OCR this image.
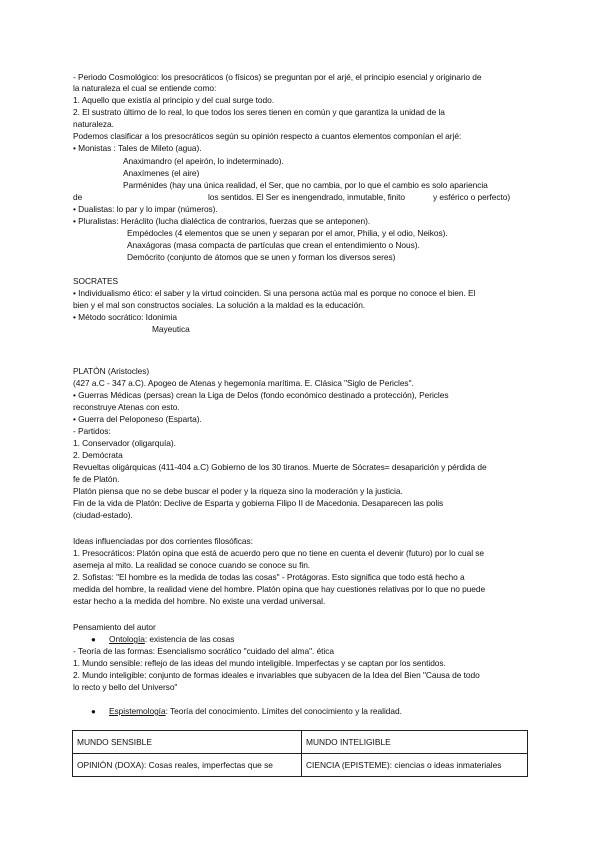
- Periodo Cosmológico: los presocráticos (o físicos) se preguntan por el arjé, el principio esencial y originario de
la naturaleza el cual se entiende como:
1. Aquello que existía al principio y del cual surge todo.
2. El sustrato último de lo real, lo que todos los seres tienen en común y que garantiza la unidad de la
naturaleza.
Podemos clasificar a los presocráticos según su opinión respecto a cuantos elementos componían el arjé:
• Monistas : Tales de Mileto (agua).
Anaximandro (el apeirón, lo indeterminado).
Anaxímenes (el aire)
Parménides (hay una única realidad, el Ser, que no cambia, por lo que el cambio es solo apariencia
de	los sentidos. El Ser es inengendrado, inmutable, finito	y esférico o perfecto)
• Dualistas: lo par y lo impar (números).
• Pluralistas: Heráclito (lucha dialéctica de contrarios, fuerzas que se anteponen).
Empédocles (4 elementos que se unen y separan por el amor, Philia, y el odio, Neikos).
Anaxágoras (masa compacta de partículas que crean el entendimiento o Nous).
Demócrito (conjunto de átomos que se unen y forman los diversos seres)
SOCRATES
• Individualismo ético: el saber y la virtud coinciden. Si una persona actúa mal es porque no conoce el bien. El
bien y el mal son constructos sociales. La solución a la maldad es la educación.
• Método socrático: Idonimia
Mayeutica
PLATÓN (Aristocles)
(427 a.C - 347 a.C). Apogeo de Atenas y hegemonía marítima. E. Clásica "Siglo de Pericles".
• Guerras Médicas (persas) crean la Liga de Delos (fondo económico destinado a protección), Pericles
reconstruye Atenas con esto.
• Guerra del Peloponeso (Esparta).
- Partidos:
1. Conservador (oligarquía).
2. Demócrata
Revueltas oligárquicas (411-404 a.C) Gobierno de los 30 tiranos. Muerte de Sócrates= desaparición y pérdida de
fe de Platón.
Platón piensa que no se debe buscar el poder y la riqueza sino la moderación y la justicia.
Fin de la vida de Platón: Declive de Esparta y gobierna Filipo II de Macedonia. Desaparecen las polis
(ciudad-estado).
Ideas influenciadas por dos corrientes filosóficas:
1. Presocráticos: Platón opina que está de acuerdo pero que no tiene en cuenta el devenir (futuro) por lo cual se
asemeja al mito. La realidad se conoce cuando se conoce su fin.
2. Sofistas: "El hombre es la medida de todas las cosas" - Protágoras. Esto significa que todo está hecho a
medida del hombre, la realidad viene del hombre. Platón opina que hay cuestiones relativas por lo que no puede
estar hecho a la medida del hombre. No existe una verdad universal.
Pensamiento del autor
● Ontología: existencia de las cosas
- Teoría de las formas: Esencialismo socrático "cuidado del alma". ética
1. Mundo sensible: reflejo de las ideas del mundo inteligible. Imperfectas y se captan por los sentidos.
2. Mundo inteligible: conjunto de formas ideales e invariables que subyacen de la Idea del Bien "Causa de todo
lo recto y bello del Universo"
● Espistemología: Teoría del conocimiento. Límites del conocimiento y la realidad.
MUNDO SENSIBLE	MUNDO INTELIGIBLE
OPINIÓN (DOXA): Cosas reales, imperfectas que se	CIENCIA (EPISTEME): ciencias o ideas inmateriales
